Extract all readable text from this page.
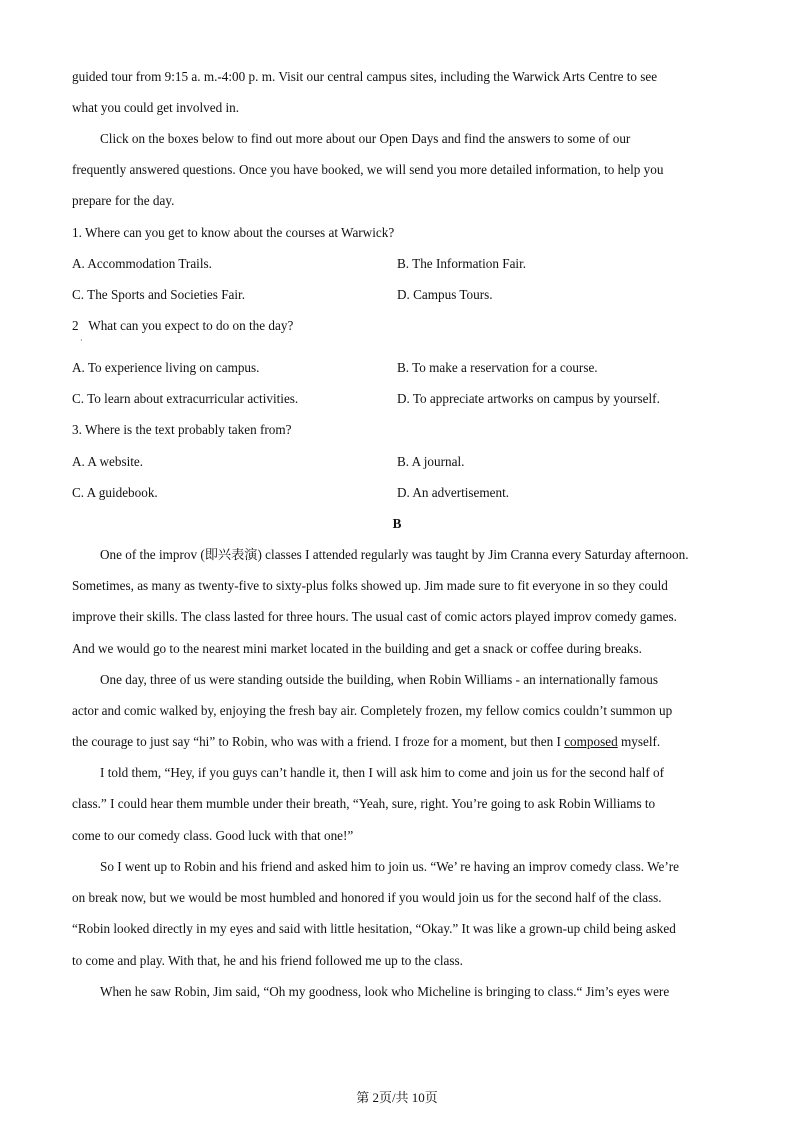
guided tour from 9:15 a. m.-4:00 p. m. Visit our central campus sites, including the Warwick Arts Centre to see
what you could get involved in.
Click on the boxes below to find out more about our Open Days and find the answers to some of our
frequently answered questions. Once you have booked, we will send you more detailed information, to help you
prepare for the day.
1. Where can you get to know about the courses at Warwick?
A. Accommodation Trails.	B. The Information Fair.
C. The Sports and Societies Fair.	D. Campus Tours.
2   What can you expect to do on the day?
·
A. To experience living on campus.	B. To make a reservation for a course.
C. To learn about extracurricular activities.	D. To appreciate artworks on campus by yourself.
3. Where is the text probably taken from?
A. A website.	B. A journal.
C. A guidebook.	D. An advertisement.
B
One of the improv (即兴表演) classes I attended regularly was taught by Jim Cranna every Saturday afternoon.
Sometimes, as many as twenty-five to sixty-plus folks showed up. Jim made sure to fit everyone in so they could
improve their skills. The class lasted for three hours. The usual cast of comic actors played improv comedy games.
And we would go to the nearest mini market located in the building and get a snack or coffee during breaks.
One day, three of us were standing outside the building, when Robin Williams - an internationally famous
actor and comic walked by, enjoying the fresh bay air. Completely frozen, my fellow comics couldn’t summon up
the courage to just say “hi” to Robin, who was with a friend. I froze for a moment, but then I composed myself.
I told them, “Hey, if you guys can’t handle it, then I will ask him to come and join us for the second half of
class.” I could hear them mumble under their breath, “Yeah, sure, right. You’re going to ask Robin Williams to
come to our comedy class. Good luck with that one!”
So I went up to Robin and his friend and asked him to join us. “We’ re having an improv comedy class. We’re
on break now, but we would be most humbled and honored if you would join us for the second half of the class.
“Robin looked directly in my eyes and said with little hesitation, “Okay.” It was like a grown-up child being asked
to come and play. With that, he and his friend followed me up to the class.
When he saw Robin, Jim said, “Oh my goodness, look who Micheline is bringing to class.“ Jim’s eyes were
第 2页/共 10页
